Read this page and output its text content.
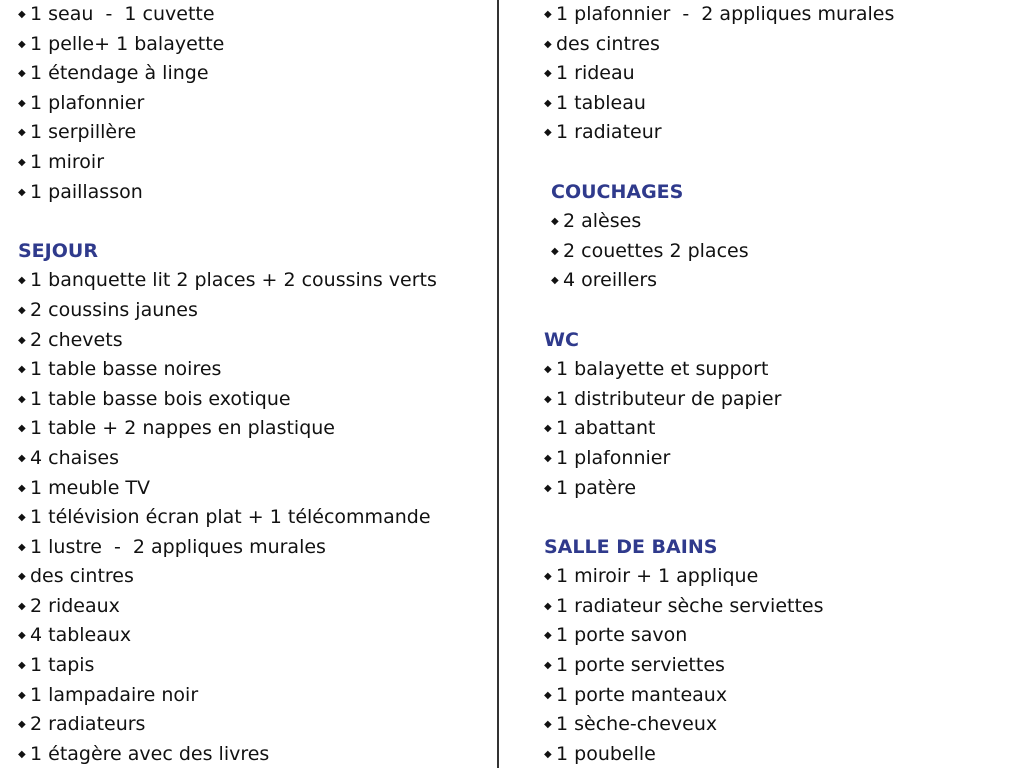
◆ 1 seau  -  1 cuvette
◆ 1 pelle+ 1 balayette
◆ 1 étendage à linge
◆ 1 plafonnier
◆ 1 serpillère
◆ 1 miroir
◆ 1 paillasson
SEJOUR
◆ 1 banquette lit 2 places + 2 coussins verts
◆ 2 coussins jaunes
◆ 2 chevets
◆ 1 table basse noires
◆ 1 table basse bois exotique
◆ 1 table + 2 nappes en plastique
◆ 4 chaises
◆ 1 meuble TV
◆ 1 télévision écran plat + 1 télécommande
◆ 1 lustre  -  2 appliques murales
◆ des cintres
◆ 2 rideaux
◆ 4 tableaux
◆ 1 tapis
◆ 1 lampadaire noir
◆ 2 radiateurs
◆ 1 étagère avec des livres
◆ 1 plafonnier  -  2 appliques murales
◆ des cintres
◆ 1 rideau
◆ 1 tableau
◆ 1 radiateur
COUCHAGES
◆ 2 alèses
◆ 2 couettes 2 places
◆ 4 oreillers
WC
◆ 1 balayette et support
◆ 1 distributeur de papier
◆ 1 abattant
◆ 1 plafonnier
◆ 1 patère
SALLE DE BAINS
◆ 1 miroir + 1 applique
◆ 1 radiateur sèche serviettes
◆ 1 porte savon
◆ 1 porte serviettes
◆ 1 porte manteaux
◆ 1 sèche-cheveux
◆ 1 poubelle
